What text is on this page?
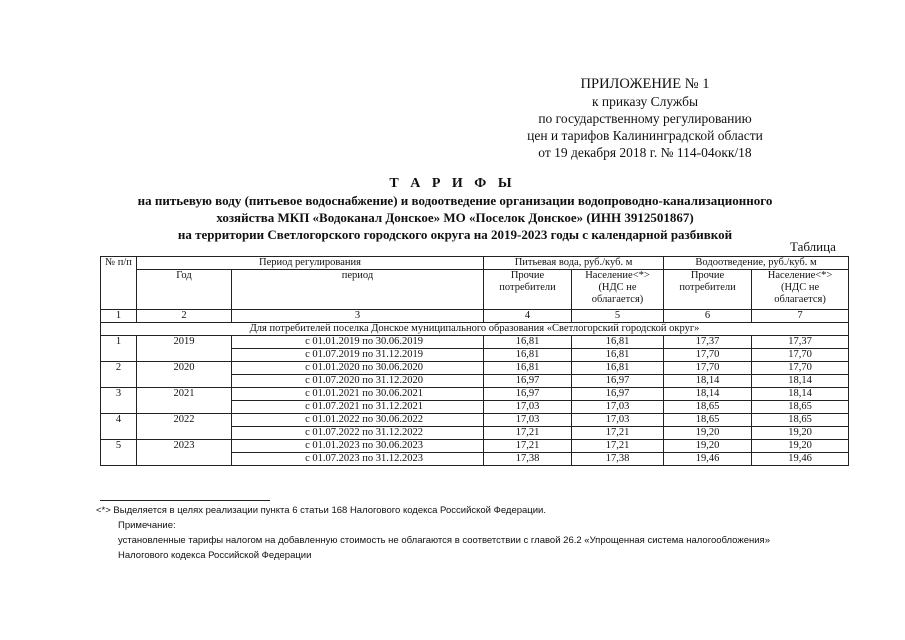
ПРИЛОЖЕНИЕ № 1
к приказу Службы
по государственному регулированию
цен и тарифов Калининградской области
от 19 декабря 2018 г. № 114-04окк/18
Т А Р И Ф Ы
на питьевую воду (питьевое водоснабжение) и водоотведение организации водопроводно-канализационного
хозяйства МКП «Водоканал Донское» МО «Поселок Донское» (ИНН 3912501867)
на территории Светлогорского городского округа на 2019-2023 годы с календарной разбивкой
Таблица
№ п/п	Период регулирования		Питьевая вода, руб./куб. м		Водоотведение, руб./куб. м	
	Год	период	Прочие потребители	Население<*> (НДС не облагается)	Прочие потребители	Население<*> (НДС не облагается)
1	2	3	4	5	6	7
Для потребителей поселка Донское муниципального образования «Светлогорский городской округ»						
1	2019	с 01.01.2019 по 30.06.2019	16,81	16,81	17,37	17,37
		с 01.07.2019 по 31.12.2019	16,81	16,81	17,70	17,70
2	2020	с 01.01.2020 по 30.06.2020	16,81	16,81	17,70	17,70
		с 01.07.2020 по 31.12.2020	16,97	16,97	18,14	18,14
3	2021	с 01.01.2021 по 30.06.2021	16,97	16,97	18,14	18,14
		с 01.07.2021 по 31.12.2021	17,03	17,03	18,65	18,65
4	2022	с 01.01.2022 по 30.06.2022	17,03	17,03	18,65	18,65
		с 01.07.2022 по 31.12.2022	17,21	17,21	19,20	19,20
5	2023	с 01.01.2023 по 30.06.2023	17,21	17,21	19,20	19,20
		с 01.07.2023 по 31.12.2023	17,38	17,38	19,46	19,46
<*> Выделяется в целях реализации пункта 6 статьи 168 Налогового кодекса Российской Федерации.
Примечание:
установленные тарифы налогом на добавленную стоимость не облагаются в соответствии с главой 26.2 «Упрощенная система налогообложения»
Налогового кодекса Российской Федерации
